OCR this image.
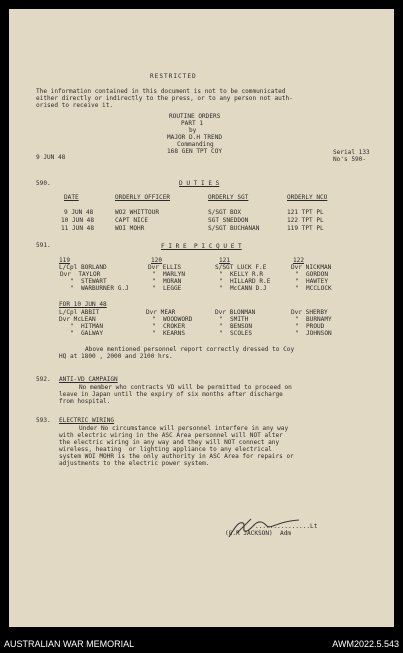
RESTRICTED
The information contained in this document is not to be communicated
either directly or indirectly to the press, or to any person not auth-
orised to receive it.
ROUTINE ORDERS
PART 1
by
MAJOR D.H TREND
Commanding
168 GEN TPT COY
9 JUN 48
Serial 133
No's 590-
590.	D U T I E S
DATE	ORDERLY OFFICER	ORDERLY SGT	ORDERLY NCO
9 JUN 48	WO2 WHITTOUR	S/SGT BOX	121 TPT PL
10 JUN 48	CAPT NICE	SGT SNEDDON	122 TPT PL
11 JUN 48	WOI MOHR	S/SGT BUCHANAN	119 TPT PL
591.	F I R E  P I C Q U E T
119	120	121	122
L/Cpl BORLAND	Dvr ELLIS	S/SGT LUCK F.E	Dvr NICKMAN
Dvr  TAYLOR	"  MARLYN	"  KELLY R.R	"  GORDON
"  STEWART	"  MORAN	"  HILLARD R.E	"  HAWTEY
"  WARBURNER G.J	"  LEGGE	"  McCANN D.J	"  MCCLOCK
FOR 10 JUN 48
L/Cpl ABBIT	Dvr MEAR	Dvr BLONMAN	Dvr SHERBY
Dvr McLEAN	"  WOODWORD	"  SMITH	"  BURNAMY
"  HITMAN	"  CROKER	"  BENSON	"  PROUD
"  GALWAY	"  KEARNS	"  SCOLES	"  JOHNSON
Above mentioned personnel report correctly dressed to Coy
HQ at 1800 , 2000 and 2100 hrs.
592. ANTI-VD CAMPAIGN
No member who contracts VD will be permitted to proceed on
leave in Japan until the expiry of six months after discharge
from hospital.
593. ELECTRIC WIRING
Under No circumstance will personnel interfere in any way
with electric wiring in the ASC Area personnel will NOT alter
the electric wiring in any way and they will NOT connect any
wireless, heating  or lighting appliance to any electrical
system WOI MOHR is the only authority in ASC Area for repairs or
adjustments to the electric power system.
...............Lt
(G.R JACKSON)  Adm
AUSTRALIAN WAR MEMORIAL	AWM2022.5.543
